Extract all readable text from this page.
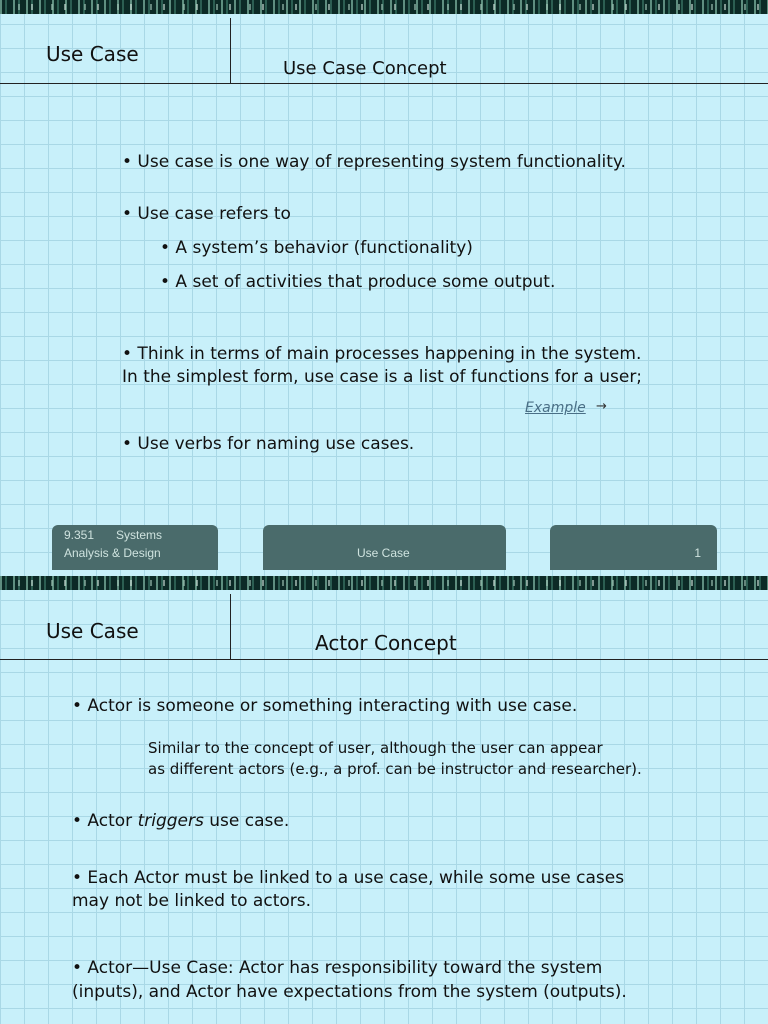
Use Case
Use Case Concept
• Use case is one way of representing system functionality.
• Use case refers to
• A system’s behavior (functionality)
• A set of activities that produce some output.
• Think in terms of main processes happening in the system.
In the simplest form, use case is a list of functions for a user;
Example →
• Use verbs for naming use cases.
9.351 Systems
Analysis & Design	Use Case	1
Use Case	Actor Concept
• Actor is someone or something interacting with use case.
Similar to the concept of user, although the user can appear
as different actors (e.g., a prof. can be instructor and researcher).
• Actor triggers use case.
• Each Actor must be linked to a use case, while some use cases
may not be linked to actors.
• Actor—Use Case: Actor has responsibility toward the system
(inputs), and Actor have expectations from the system (outputs).
